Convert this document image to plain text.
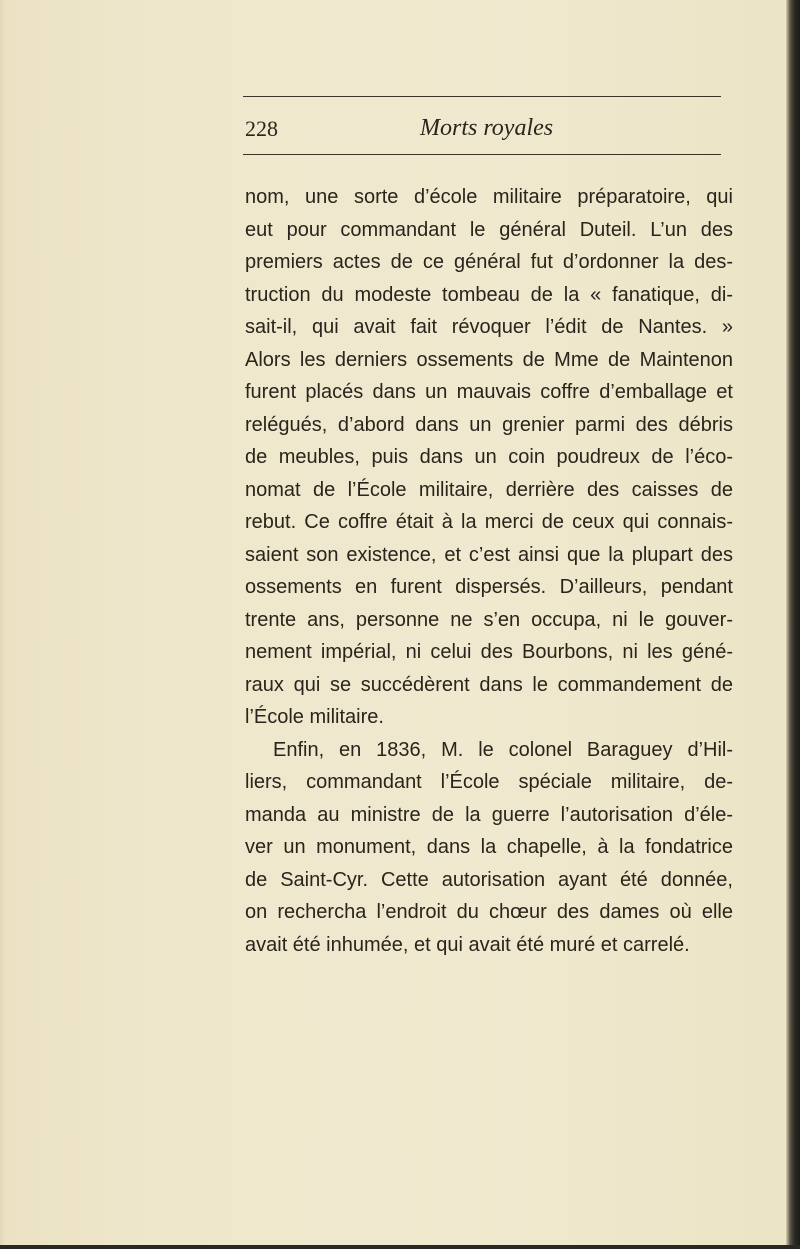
228	Morts royales
nom, une sorte d’école militaire préparatoire, qui
eut pour commandant le général Duteil. L’un des
premiers actes de ce général fut d’ordonner la des-
truction du modeste tombeau de la « fanatique, di-
sait-il, qui avait fait révoquer l’édit de Nantes. »
Alors les derniers ossements de Mme de Maintenon
furent placés dans un mauvais coffre d’emballage et
relégués, d’abord dans un grenier parmi des débris
de meubles, puis dans un coin poudreux de l’éco-
nomat de l’École militaire, derrière des caisses de
rebut. Ce coffre était à la merci de ceux qui connais-
saient son existence, et c’est ainsi que la plupart des
ossements en furent dispersés. D’ailleurs, pendant
trente ans, personne ne s’en occupa, ni le gouver-
nement impérial, ni celui des Bourbons, ni les géné-
raux qui se succédèrent dans le commandement de
l’École militaire.
Enfin, en 1836, M. le colonel Baraguey d’Hil-
liers, commandant l’École spéciale militaire, de-
manda au ministre de la guerre l’autorisation d’éle-
ver un monument, dans la chapelle, à la fondatrice
de Saint-Cyr. Cette autorisation ayant été donnée,
on rechercha l’endroit du chœur des dames où elle
avait été inhumée, et qui avait été muré et carrelé.
